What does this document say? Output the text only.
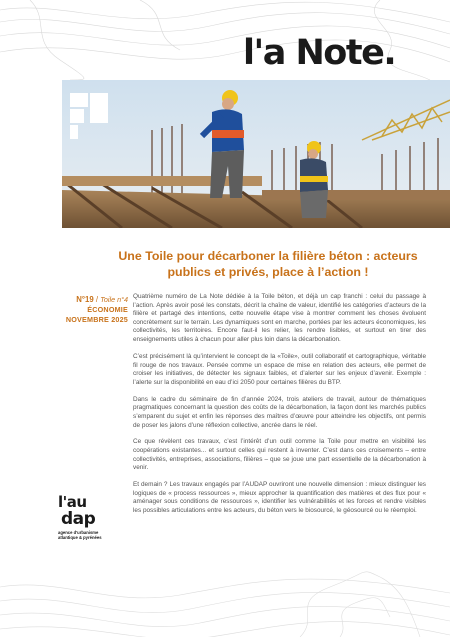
l'a Note.
Une Toile pour décarboner la filière béton : acteurs publics et privés, place à l’action !
N°19 / Toile n°4
ÉCONOMIE
NOVEMBRE 2025

Quatrième numéro de La Note dédiée à la Toile béton, et déjà un cap franchi : celui du passage à l’action. Après avoir posé les constats, décrit la chaîne de valeur, identifié les catégories d’acteurs de la filière et partagé des intentions, cette nouvelle étape vise à montrer comment les choses évoluent concrètement sur le terrain. Les dynamiques sont en marche, portées par les acteurs économiques, les collectivités, les territoires. Encore faut-il les relier, les rendre lisibles, et surtout en tirer des enseignements utiles à chacun pour aller plus loin dans la décarbonation.

C’est précisément là qu’intervient le concept de la «Toile», outil collaboratif et cartographique, véritable fil rouge de nos travaux. Pensée comme un espace de mise en relation des acteurs, elle permet de croiser les initiatives, de détecter les signaux faibles, et d’alerter sur les enjeux d’avenir. Exemple : l’alerte sur la disponibilité en eau d’ici 2050 pour certaines filières du BTP.

Dans le cadre du séminaire de fin d’année 2024, trois ateliers de travail, autour de thématiques pragmatiques concernant la question des coûts de la décarbonation, la façon dont les marchés publics s’emparent du sujet et enfin les réponses des maîtres d’œuvre pour atteindre les objectifs, ont permis de poser les jalons d’une réflexion collective, ancrée dans le réel.

Ce que révèlent ces travaux, c’est l’intérêt d’un outil comme la Toile pour mettre en visibilité les coopérations existantes... et surtout celles qui restent à inventer. C’est dans ces croisements – entre collectivités, entreprises, associations, filières – que se joue une part essentielle de la décarbonation à venir.

Et demain ? Les travaux engagés par l’AUDAP ouvriront une nouvelle dimension : mieux distinguer les logiques de « process ressources », mieux approcher la quantification des matières et des flux pour « aménager sous conditions de ressources », identifier les vulnérabilités et les forces et rendre visibles les possibles articulations entre les acteurs, du béton vers le biosourcé, le géosourcé ou le réemploi.

l'au
dap
agence d'urbanisme atlantique & pyrénées
